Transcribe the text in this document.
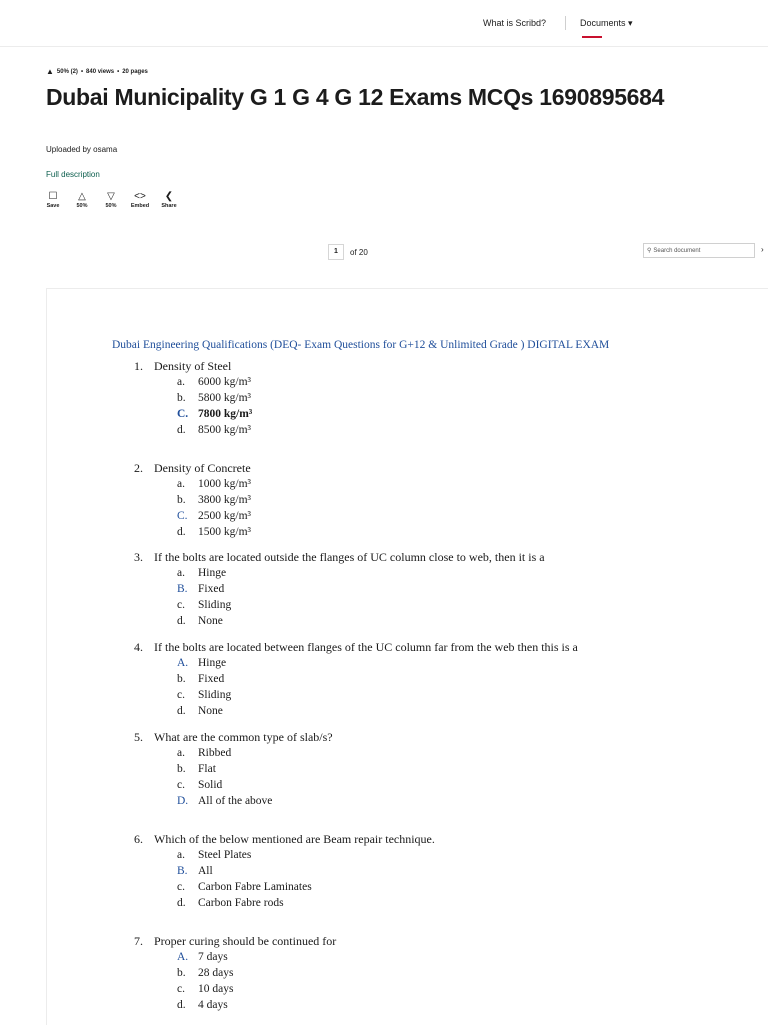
What is Scribd?	Documents ▾
▲ 50% (2) • 840 views • 20 pages
Dubai Municipality G 1 G 4 G 12 Exams MCQs 1690895684
Uploaded by osama
Full description
☐
Save
△
50%
▽
50%
<>
Embed
❮
Share
1	of 20	⚲ Search document	›
Dubai Engineering Qualifications (DEQ- Exam Questions for G+12 & Unlimited Grade ) DIGITAL EXAM
1. Density of Steel
a.	6000 kg/m³
b.	5800 kg/m³
C. 7800 kg/m³
d.	8500 kg/m³
2. Density of Concrete
a.	1000 kg/m³
b.	3800 kg/m³
C. 2500 kg/m³
d.	1500 kg/m³
3. If the bolts are located outside the flanges of UC column close to web, then it is a
a.	Hinge
B. Fixed
c.	Sliding
d.	None
4. If the bolts are located between flanges of the UC column far from the web then this is a
A. Hinge
b.	Fixed
c.	Sliding
d.	None
5. What are the common type of slab/s?
a.	Ribbed
b.	Flat
c.	Solid
D. All of the above
6. Which of the below mentioned are Beam repair technique.
a.	Steel Plates
B. All
c.	Carbon Fabre Laminates
d.	Carbon Fabre rods
7. Proper curing should be continued for
A. 7 days
b.	28 days
c.	10 days
d.	4 days
